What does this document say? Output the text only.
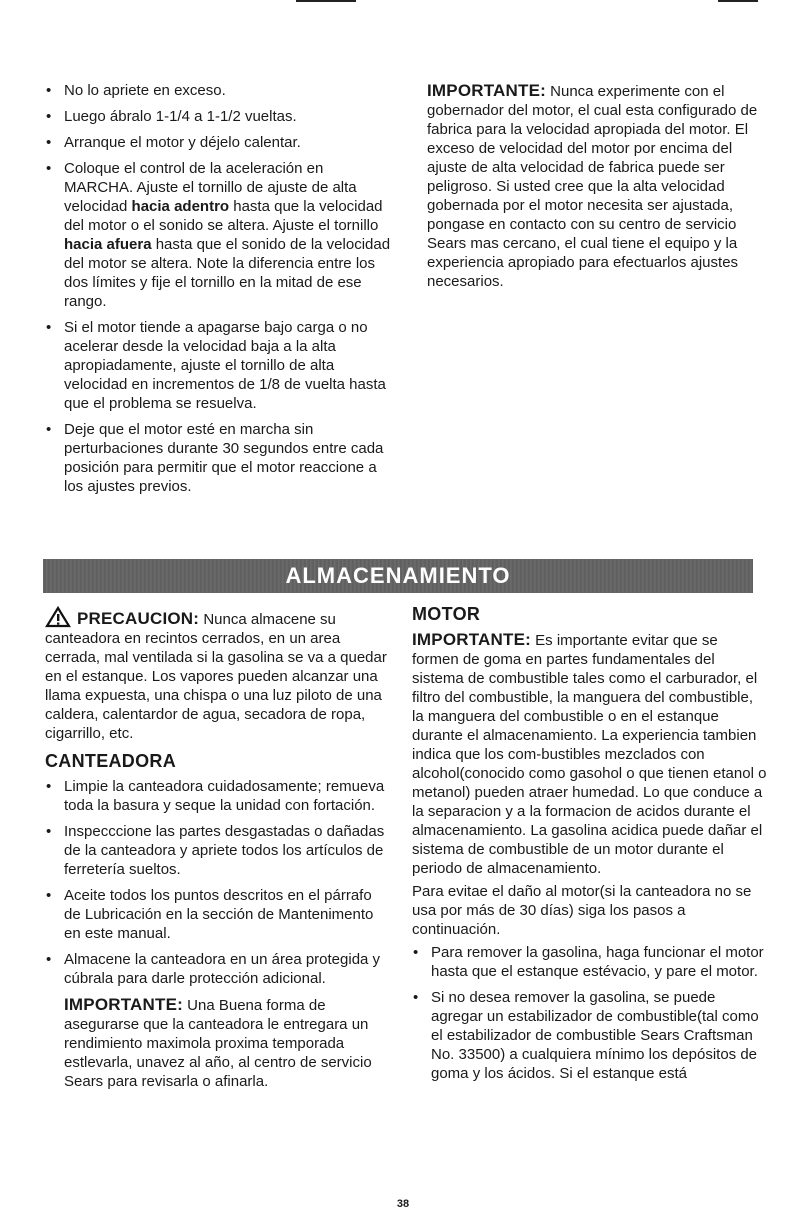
• No lo apriete en exceso.
• Luego ábralo 1-1/4 a 1-1/2 vueltas.
• Arranque el motor y déjelo calentar.
• Coloque el control de la aceleración en MARCHA. Ajuste el tornillo de ajuste de alta velocidad hacia adentro hasta que la velocidad del motor o el sonido se altera. Ajuste el tornillo hacia afuera hasta que el sonido de la velocidad del motor se altera. Note la diferencia entre los dos límites y fije el tornillo en la mitad de ese rango.
• Si el motor tiende a apagarse bajo carga o no acelerar desde la velocidad baja a la alta apropiadamente, ajuste el tornillo de alta velocidad en incrementos de 1/8 de vuelta hasta que el problema se resuelva.
• Deje que el motor esté en marcha sin perturbaciones durante 30 segundos entre cada posición para permitir que el motor reaccione a los ajustes previos.

IMPORTANTE: Nunca experimente con el gobernador del motor, el cual esta configurado de fabrica para la velocidad apropiada del motor. El exceso de velocidad del motor por encima del ajuste de alta velocidad de fabrica puede ser peligroso. Si usted cree que la alta velocidad gobernada por el motor necesita ser ajustada, pongase en contacto con su centro de servicio Sears mas cercano, el cual tiene el equipo y la experiencia apropiado para efectuarlos ajustes necesarios.

ALMACENAMIENTO

PRECAUCION: Nunca almacene su canteadora en recintos cerrados, en un area cerrada, mal ventilada si la gasolina se va a quedar en el estanque. Los vapores pueden alcanzar una llama expuesta, una chispa o una luz piloto de una caldera, calentardor de agua, secadora de ropa, cigarrillo, etc.

CANTEADORA
• Limpie la canteadora cuidadosamente; remueva toda la basura y seque la unidad con fortación.
• Inspecccione las partes desgastadas o dañadas de la canteadora y apriete todos los artículos de ferretería sueltos.
• Aceite todos los puntos descritos en el párrafo de Lubricación en la sección de Mantenimento en este manual.
• Almacene la canteadora en un área protegida y cúbrala para darle protección adicional.

IMPORTANTE: Una Buena forma de asegurarse que la canteadora le entregara un rendimiento maximola proxima temporada estlevarla, unavez al año, al centro de servicio Sears para revisarla o afinarla.

MOTOR

IMPORTANTE: Es importante evitar que se formen de goma en partes fundamentales del sistema de combustible tales como el carburador, el filtro del combustible, la manguera del combustible, la manguera del combustible o en el estanque durante el almacenamiento. La experiencia tambien indica que los com-bustibles mezclados con alcohol(conocido como gasohol o que tienen etanol o metanol) pueden atraer humedad. Lo que conduce a la separacion y a la formacion de acidos durante el almacenamiento. La gasolina acidica puede dañar el sistema de combustible de un motor durante el periodo de almacenamiento.

Para evitae el daño al motor(si la canteadora no se usa por más de 30 días) siga los pasos a continuación.

• Para remover la gasolina, haga funcionar el motor hasta que el estanque estévacio, y pare el motor.
• Si no desea remover la gasolina, se puede agregar un estabilizador de combustible(tal como el estabilizador de combustible Sears Craftsman No. 33500) a cualquiera mínimo los depósitos de goma y los ácidos. Si el estanque está
38
